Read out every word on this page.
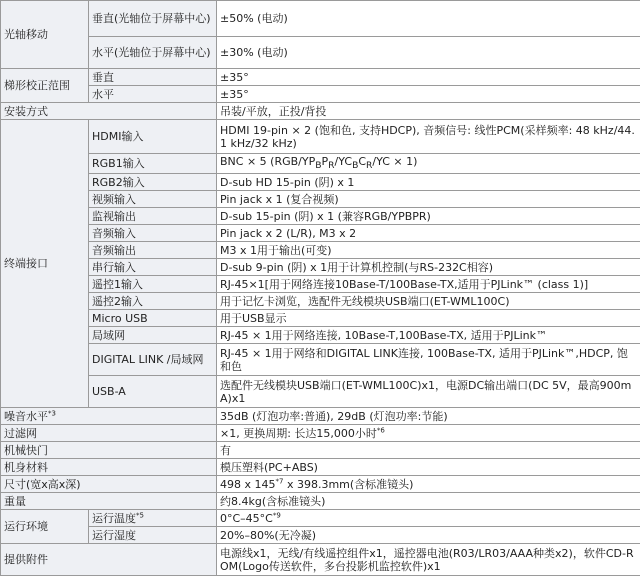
光轴移动	垂直(光轴位于屏幕中心)	±50% (电动)
	水平(光轴位于屏幕中心)	±30% (电动)
梯形校正范围	垂直	±35°
	水平	±35°
安装方式		吊装/平放，正投/背投
终端接口	HDMI输入	HDMI 19-pin × 2 (饱和色, 支持HDCP), 音频信号: 线性PCM(采样频率: 48 kHz/44.1 kHz/32 kHz)
	RGB1输入	BNC × 5 $(RGB/YP_BP_R/YC_BC_R/YC \times 1)$
	RGB2输入	D-sub HD 15-pin (阴) x 1
	视频输入	Pin jack x 1 (复合视频)
	监视输出	D-sub 15-pin (阴) x 1 (兼容RGB/YPBPR)
	音频输入	Pin jack x 2 (L/R), M3 x 2
	音频输出	M3 x 1用于输出(可变)
	串行输入	D-sub 9-pin (阴) x 1用于计算机控制(与RS-232C相容)
	遥控1输入	RJ-45×1[用于网络连接10Base-T/100Base-TX,适用于PJLink™ (class 1)]
	遥控2输入	用于记忆卡浏览，选配件无线模块USB端口(ET-WML100C)
	Micro USB	用于USB显示
	局域网	RJ-45 × 1用于网络连接, 10Base-T,100Base-TX, 适用于PJLink™
	DIGITAL LINK /局域网	RJ-45 × 1用于网络和DIGITAL LINK连接, 100Base-TX, 适用于PJLink™,HDCP, 饱和色
	USB-A	选配件无线模块USB端口(ET-WML100C)x1，电源DC输出端口(DC 5V，最高900mA)x1
噪音水平$^{*3}$		35dB (灯泡功率:普通), 29dB (灯泡功率:节能)
过滤网		×1, 更换周期: 长达15,000小时$^{*6}$
机械快门		有
机身材料		模压塑料(PC+ABS)
尺寸(宽x高x深)		498 x 145$^{*7}$ x 398.3mm(含标准镜头)
重量		约8.4kg(含标准镜头)
运行环境	运行温度$^{*5}$	$0^\circ C-45^\circ C^{*9}$
	运行湿度	20%–80%(无冷凝)
提供附件		电源线x1，无线/有线遥控组件x1，遥控器电池(R03/LR03/AAA种类x2)，软件CD-ROM(Logo传送软件，多台投影机监控软件)x1
